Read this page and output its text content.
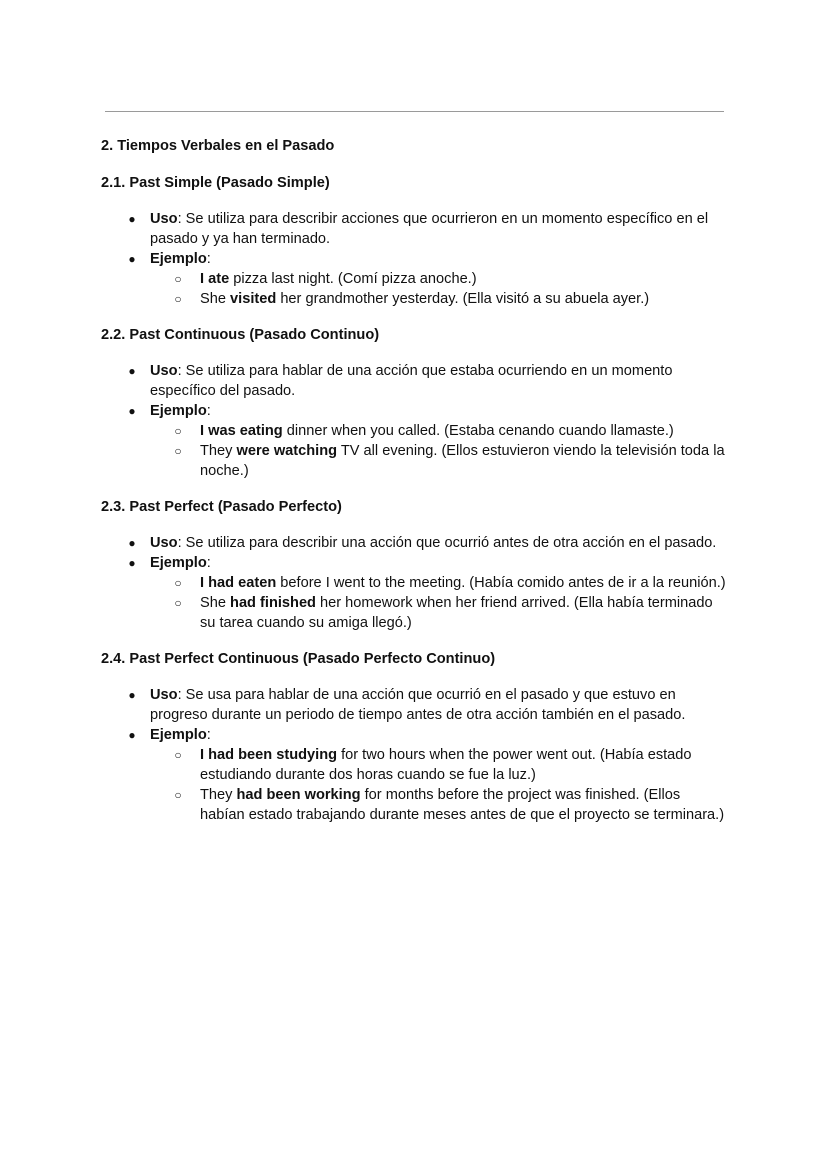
2. Tiempos Verbales en el Pasado
2.1. Past Simple (Pasado Simple)
● Uso: Se utiliza para describir acciones que ocurrieron en un momento específico en el pasado y ya han terminado.
● Ejemplo:
○ I ate pizza last night. (Comí pizza anoche.)
○ She visited her grandmother yesterday. (Ella visitó a su abuela ayer.)
2.2. Past Continuous (Pasado Continuo)
● Uso: Se utiliza para hablar de una acción que estaba ocurriendo en un momento específico del pasado.
● Ejemplo:
○ I was eating dinner when you called. (Estaba cenando cuando llamaste.)
○ They were watching TV all evening. (Ellos estuvieron viendo la televisión toda la noche.)
2.3. Past Perfect (Pasado Perfecto)
● Uso: Se utiliza para describir una acción que ocurrió antes de otra acción en el pasado.
● Ejemplo:
○ I had eaten before I went to the meeting. (Había comido antes de ir a la reunión.)
○ She had finished her homework when her friend arrived. (Ella había terminado su tarea cuando su amiga llegó.)
2.4. Past Perfect Continuous (Pasado Perfecto Continuo)
● Uso: Se usa para hablar de una acción que ocurrió en el pasado y que estuvo en progreso durante un periodo de tiempo antes de otra acción también en el pasado.
● Ejemplo:
○ I had been studying for two hours when the power went out. (Había estado estudiando durante dos horas cuando se fue la luz.)
○ They had been working for months before the project was finished. (Ellos habían estado trabajando durante meses antes de que el proyecto se terminara.)
